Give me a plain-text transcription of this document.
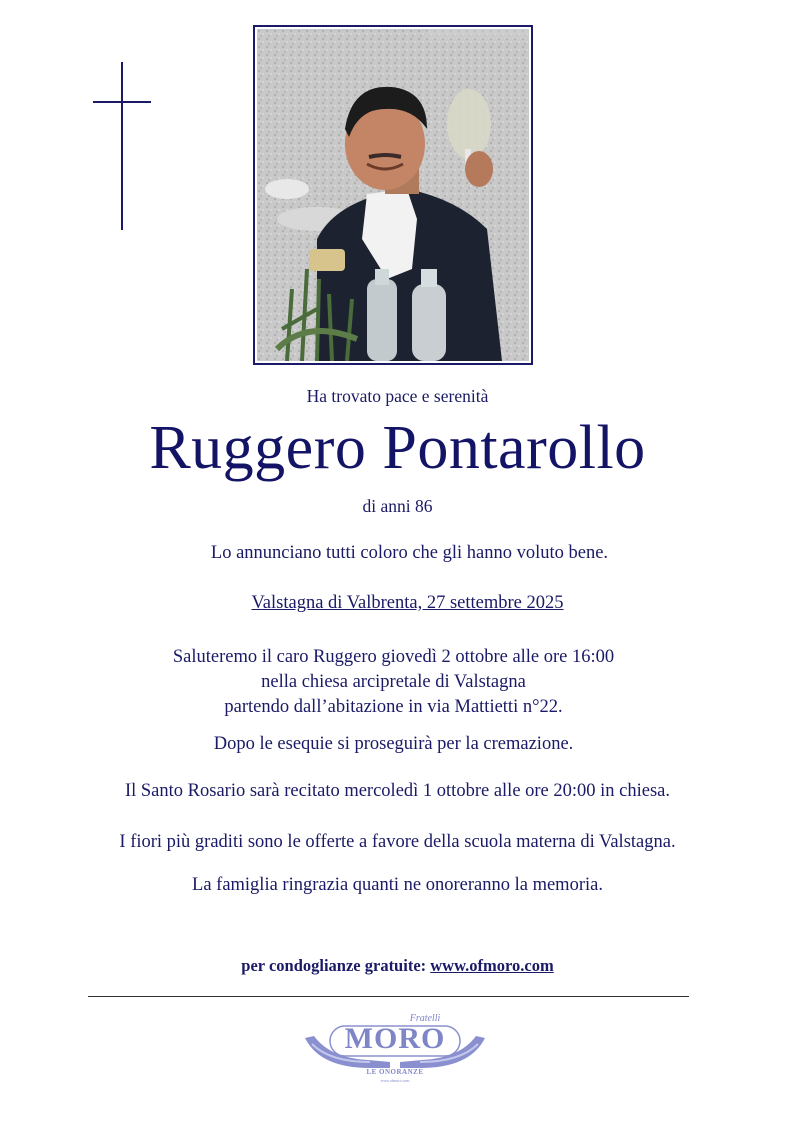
Ha trovato pace e serenità
Ruggero Pontarollo
di anni 86
Lo annunciano tutti coloro che gli hanno voluto bene.
Valstagna di Valbrenta, 27 settembre 2025
Saluteremo il caro Ruggero giovedì 2 ottobre alle ore 16:00
nella chiesa arcipretale di Valstagna
partendo dall’abitazione in via Mattietti n°22.
Dopo le esequie si proseguirà per la cremazione.
Il Santo Rosario sarà recitato mercoledì 1 ottobre alle ore 20:00 in chiesa.
I fiori più graditi sono le offerte a favore della scuola materna di Valstagna.
La famiglia ringrazia quanti ne onoreranno la memoria.
per condoglianze gratuite: www.ofmoro.com
Fratelli
MORO
LE ONORANZE
www.ofmoro.com
